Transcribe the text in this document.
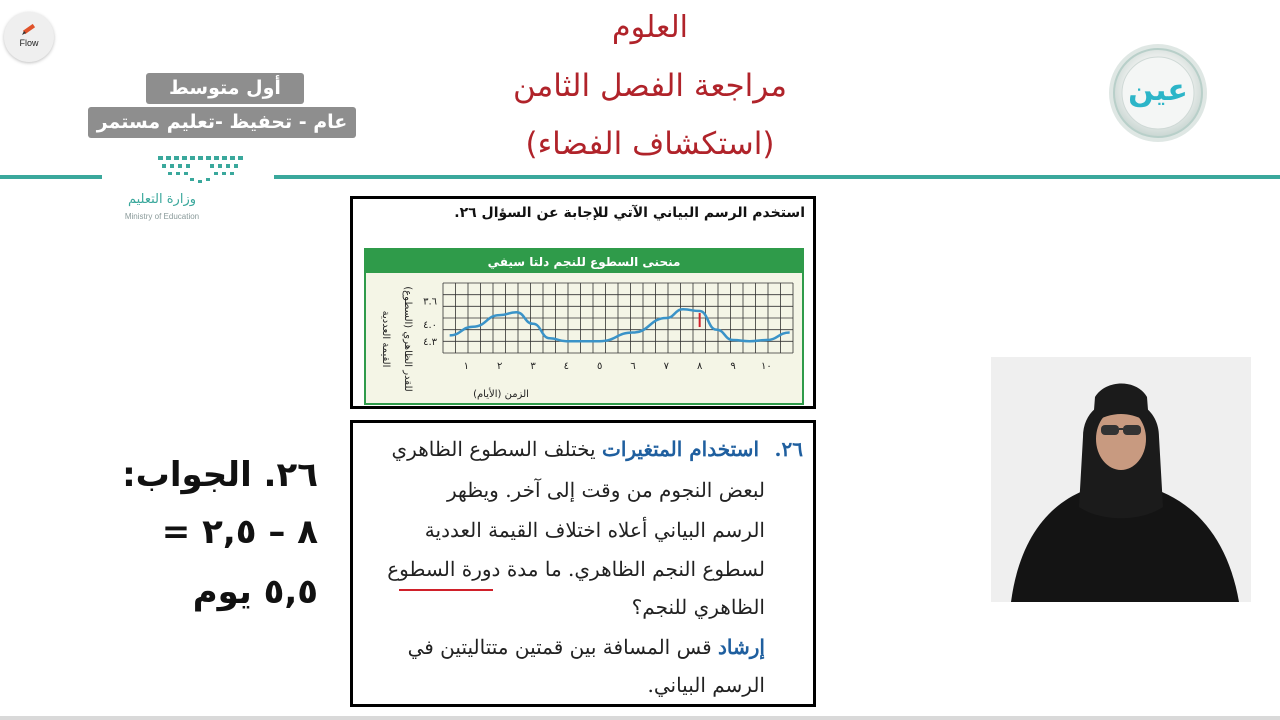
Flow	العلوم
مراجعة الفصل الثامن
(استكشاف الفضاء)
أول متوسط
عام - تحفيظ -تعليم مستمر
وزارة التعليم
Ministry of Education
عين
استخدم الرسم البياني الآتي للإجابة عن السؤال ٢٦.
منحنى السطوع للنجم دلتا سيفي
٣.٦
٤.٠
٤.٣
١	٢	٣	٤	٥	٦	٧	٨	٩	١٠
الزمن (الأيام)
القيمة العددية للقدر الظاهري (السطوع)
استخدام المتغيرات يختلف السطوع الظاهري	٢٦.
لبعض النجوم من وقت إلى آخر. ويظهر
الرسم البياني أعلاه اختلاف القيمة العددية
لسطوع النجم الظاهري. ما مدة دورة السطوع
الظاهري للنجم؟
إرشاد قس المسافة بين قمتين متتاليتين في
الرسم البياني.
٢٦. الجواب:
٨ – ٢,٥ =
٥,٥ يوم
